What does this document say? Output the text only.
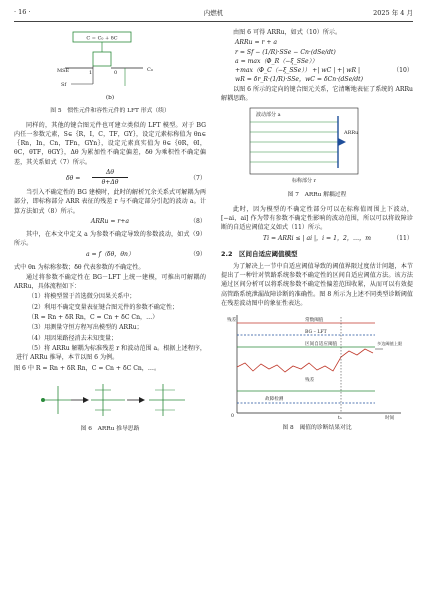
· 16 ·	内燃机	2025 年 4 月
C = C₀ + δC
MSE	1	0	C₀
Sf
(b)
图 5　惯性元件和容性元件的 LFT 形式（续）

同样的，其他的键合图元件也可建立类似的 LFT 模型。对于 BG 内任一参数元素，S∈｛R，I，C，TF，GY｝，设定元素标称值为 θn∈｛Rn，In，Cn，TFn，GYn｝，设定元素真实值为 θ∈｛θR，θI，θC，θTF，θGY｝，Δθ 为累加性不确定偏差，δθ 为乘积性不确定偏差，其关系如式（7）所示。

δθ =
Δθ
θ+Δθ
（7）

当引入不确定性的 BG 建模时，此时的解析冗余关系式可解耦为两部分，即标称部分 ARR 表征的残差 r 与不确定部分引起的波动 a。计算方法如式（8）所示。

ARRu = r+a	（8）

其中，在本文中定义 a 为参数不确定导致的参数波动，如式（9）所示。

a = f（δθ，θn）	（9）

式中 θn 为标称参数；δθ 代表参数的不确定性。

通过将参数不确定性在 BG－LFT 上统一建模，可推出可解耦的 ARRu，具体流程如下：

（1）将模型置于首选微分因果关系中；

（2）利用不确定变量表征键合图元件的参数不确定性；

（R = Rn + δR Rn，C = Cn + δC Cn，…）

（3）用测量守恒方程写出模型的 ARRu；

（4）用因果路径消去未知变量；

（5）将 ARRu 解耦为标准残差 r 和波动范围 a。根据上述程序，进行 ARRu 推导，本节以图 6 为例。

图 6 中 R = Rn + δR Rn，C = Cn + δC Cn，…。

图 6　ARRu 推导思路

由图 6 可得 ARRu，如式（10）所示。

ARRu = r + a
r = Sf − (1/R)·SSe − Cn·(dSe/dt)
a = max（Φ_R（−ξ_SSe））
+max（Φ_C（−ξ_SSe）） +| wC | +| wR |
wR = δr_R·(1/R)·SSe，wC = δCn·(dSe/dt)
（10）

以图 6 所示的定向的键合图元关系，它清晰地表征了系统的 ARRu 解耦思路。

波动部分 a
ARRu
标称部分 r
图 7　ARRu 解耦过程

此时，因为模型的不确定性部分可以在标称值周围上下波动，[−ai，ai] 作为带有参数不确定性影响的波动范围，所以可以将故障诊断的自适应阈值定义如式（11）所示。

Ti = ARRi ≤ | ai |，i = 1，2，…，m	（11）
2.2　区间自适应阈值模型

为了解决上一节中自适应阈值导致的阈值界限过度估计问题，本节提出了一种针对管路系统参数不确定性的区间自适应阈值方法。该方法通过区间分析可以将系统参数不确定性偏差范围收紧，从而可以有效提高管路系统泄漏故障诊断的准确性。图 8 所示为上述不同类型诊断阈值在残差波动图中的象征性表达。

残差
时间
0
常数阈值
BG – LFT
区间自适应阈值
残差
故障检测
tₙ
多边阈值上限
图 8　阈值的诊断结果对比
